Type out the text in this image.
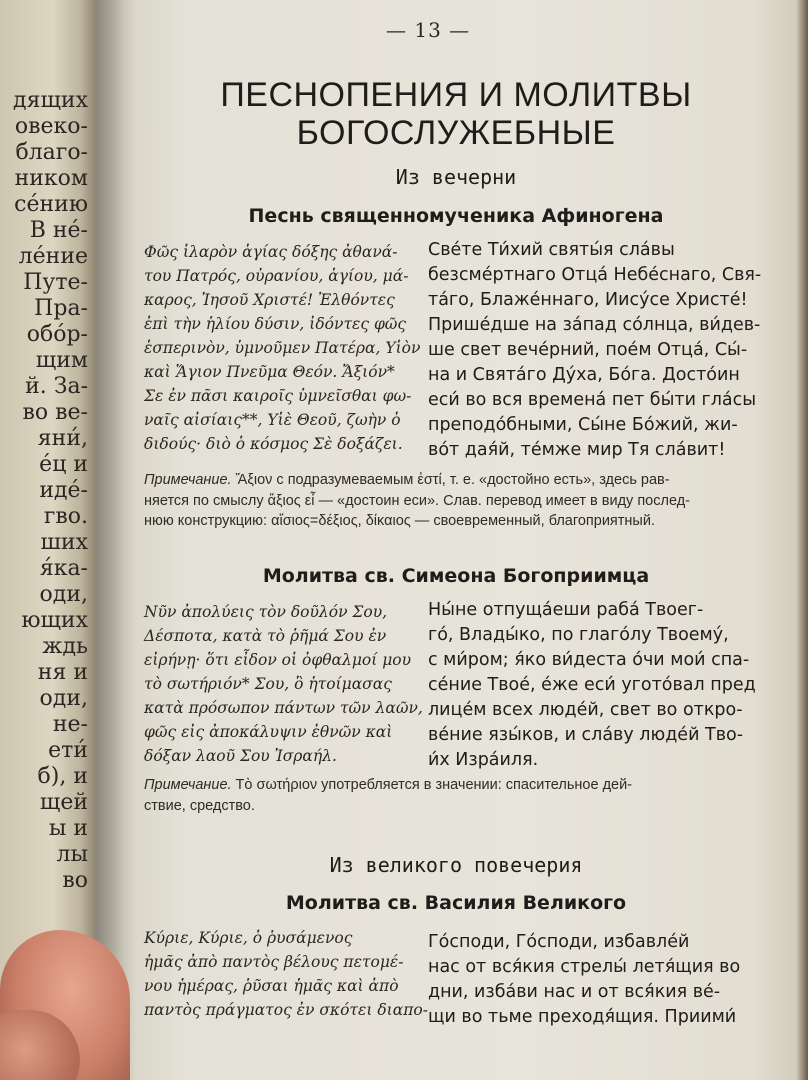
дящих
овеко-
благо-
ником
сéнию
В нé-
лéние
Путе-
Пра-
обóр-
щим
й. За-
во ве-
яни́,
éц и
идé-
гво.
ших
я́ка-
оди,
ющих
ждь
ня и
оди,
не-
ети́
б), и
щей
ы и
лы
во
— 13 —
ПЕСНОПЕНИЯ И МОЛИТВЫ
БОГОСЛУЖЕБНЫЕ
Из вечерни
Песнь священномученика Афиногена
Φῶς ἱλαρὸν ἁγίας δόξης ἀθανά-
του Πατρός, οὐρανίου, ἁγίου, μά-
καρος, Ἰησοῦ Χριστέ! Ἐλθόντες
ἐπὶ τὴν ἡλίου δύσιν, ἰδόντες φῶς
ἑσπερινὸν, ὑμνοῦμεν Πατέρα, Υἱὸν
καὶ Ἅγιον Πνεῦμα Θεόν. Ἄξιόν*
Σε ἐν πᾶσι καιροῖς ὑμνεῖσθαι φω-
ναῖς αἰσίαις**, Υἱὲ Θεοῦ, ζωὴν ὁ
διδούς· διὸ ὁ κόσμος Σὲ δοξάζει.
Свéте Ти́хий святы́я слáвы
безсмéртнаго Отцá Небéснаго, Свя-
тáго, Блажéннаго, Иисýсе Христé!
Пришéдше на зáпад сóлнца, ви́дев-
ше свет вечéрний, поéм Отцá, Сы́-
на и Святáго Дýха, Бóга. Достóин
еси́ во вся временá пет бы́ти глáсы
преподóбными, Сы́не Бóжий, жи-
вóт дая́й, тéмже мир Тя слáвит!
Примечание. Ἄξιον с подразумеваемым ἐστί, т. е. «достойно есть», здесь рав-
няется по смыслу ἄξιος εἶ — «достоин еси». Слав. перевод имеет в виду послед-
нюю конструкцию: αἴσιος=δέξιος, δίκαιος — своевременный, благоприятный.
Молитва св. Симеона Богоприимца
Νῦν ἀπολύεις τὸν δοῦλόν Σου,
Δέσποτα, κατὰ τὸ ῥῆμά Σου ἐν
εἰρήνῃ· ὅτι εἶδον οἱ ὀφθαλμοί μου
τὸ σωτήριόν* Σου, ὃ ἡτοίμασας
κατὰ πρόσωπον πάντων τῶν λαῶν,
φῶς εἰς ἀποκάλυψιν ἐθνῶν καὶ
δόξαν λαοῦ Σου Ἰσραήλ.
Ны́не отпущáеши рабá Твоег-
гó, Влады́ко, по глагóлу Твоемý,
с ми́ром; я́ко ви́деста óчи мои́ спа-
сéние Твоé, éже еси́ уготóвал пред
лицéм всех людéй, свет во откро-
вéние язы́ков, и слáву людéй Тво-
и́х Изрáиля.
Примечание. Τὸ σωτήριον употребляется в значении: спасительное дей-
ствие, средство.
Из великого повечерия
Молитва св. Василия Великого
Κύριε, Κύριε, ὁ ῥυσάμενος
ἡμᾶς ἀπὸ παντὸς βέλους πετομέ-
νου ἡμέρας, ῥῦσαι ἡμᾶς καὶ ἀπὸ
παντὸς πράγματος ἐν σκότει διαπο-
Гóсподи, Гóсподи, избавлéй
нас от вся́кия стрелы́ летя́щия во
дни, избáви нас и от вся́кия вé-
щи во тьме преходя́щия. Приими́
